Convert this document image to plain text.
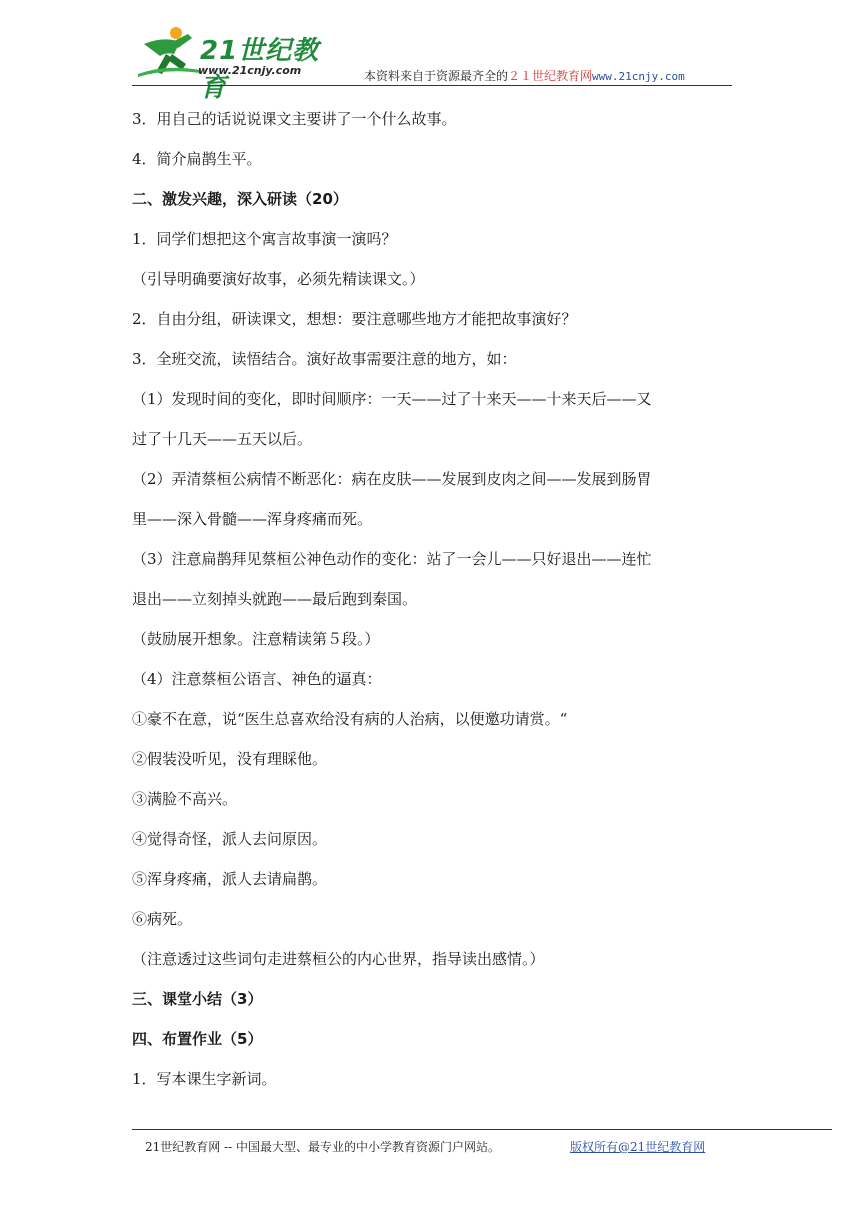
21世纪教育
www.21cnjy.com	本资料来自于资源最齐全的２１世纪教育网www.21cnjy.com
3．用自己的话说说课文主要讲了一个什么故事。
4．简介扁鹊生平。
二、激发兴趣，深入研读（20）
1．同学们想把这个寓言故事演一演吗？
（引导明确要演好故事，必须先精读课文。）
2．自由分组，研读课文，想想：要注意哪些地方才能把故事演好？
3．全班交流，读悟结合。演好故事需要注意的地方，如：
（1）发现时间的变化，即时间顺序：一天——过了十来天——十来天后——又
过了十几天——五天以后。
（2）弄清蔡桓公病情不断恶化：病在皮肤——发展到皮肉之间——发展到肠胃
里——深入骨髓——浑身疼痛而死。
（3）注意扁鹊拜见蔡桓公神色动作的变化：站了一会儿——只好退出——连忙
退出——立刻掉头就跑——最后跑到秦国。
（鼓励展开想象。注意精读第５段。）
（4）注意蔡桓公语言、神色的逼真：
①豪不在意，说“医生总喜欢给没有病的人治病，以便邀功请赏。“
②假装没听见，没有理睬他。
③满脸不高兴。
④觉得奇怪，派人去问原因。
⑤浑身疼痛，派人去请扁鹊。
⑥病死。
（注意透过这些词句走进蔡桓公的内心世界，指导读出感情。）
三、课堂小结（3）
四、布置作业（5）
1．写本课生字新词。
21世纪教育网 -- 中国最大型、最专业的中小学教育资源门户网站。	版权所有@21世纪教育网
